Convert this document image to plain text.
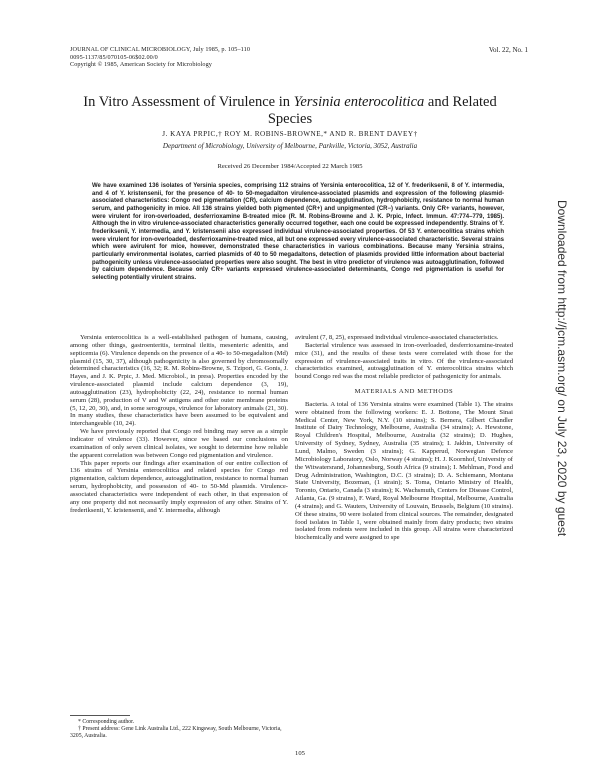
JOURNAL OF CLINICAL MICROBIOLOGY, July 1985, p. 105–110
0095-1137/85/070105-06$02.00/0
Copyright © 1985, American Society for Microbiology
Vol. 22, No. 1
Downloaded from http://jcm.asm.org/ on July 23, 2020 by guest
In Vitro Assessment of Virulence in Yersinia enterocolitica and Related Species
J. KAYA PRPIC,† ROY M. ROBINS-BROWNE,* AND R. BRENT DAVEY†
Department of Microbiology, University of Melbourne, Parkville, Victoria, 3052, Australia
Received 26 December 1984/Accepted 22 March 1985
We have examined 136 isolates of Yersinia species, comprising 112 strains of Yersinia enterocolitica, 12 of Y. frederiksenii, 8 of Y. intermedia, and 4 of Y. kristensenii, for the presence of 40- to 50-megadalton virulence-associated plasmids and expression of the following plasmid-associated characteristics: Congo red pigmentation (CR), calcium dependence, autoagglutination, hydrophobicity, resistance to normal human serum, and pathogenicity in mice. All 136 strains yielded both pigmented (CR+) and unpigmented (CR−) variants. Only CR+ variants, however, were virulent for iron-overloaded, desferrioxamine B-treated mice (R. M. Robins-Browne and J. K. Prpic, Infect. Immun. 47:774–779, 1985). Although the in vitro virulence-associated characteristics generally occurred together, each one could be expressed independently. Strains of Y. frederiksenii, Y. intermedia, and Y. kristensenii also expressed individual virulence-associated properties. Of 53 Y. enterocolitica strains which were virulent for iron-overloaded, desferrioxamine-treated mice, all but one expressed every virulence-associated characteristic. Several strains which were avirulent for mice, however, demonstrated these characteristics in various combinations. Because many Yersinia strains, particularly environmental isolates, carried plasmids of 40 to 50 megadaltons, detection of plasmids provided little information about bacterial pathogenicity unless virulence-associated properties were also sought. The best in vitro predictor of virulence was autoagglutination, followed by calcium dependence. Because only CR+ variants expressed virulence-associated determinants, Congo red pigmentation is useful for selecting potentially virulent strains.

Yersinia enterocolitica is a well-established pathogen of humans, causing, among other things, gastroenteritis, terminal ileitis, mesenteric adenitis, and septicemia (6). Virulence depends on the presence of a 40- to 50-megadalton (Md) plasmid (15, 30, 37), although pathogenicity is also governed by chromosomally determined characteristics (16, 32; R. M. Robins-Browne, S. Tzipori, G. Gonis, J. Hayes, and J. K. Prpic, J. Med. Microbiol., in press). Properties encoded by the virulence-associated plasmid include calcium dependence (3, 19), autoagglutination (23), hydrophobicity (22, 24), resistance to normal human serum (28), production of V and W antigens and other outer membrane proteins (5, 12, 20, 30), and, in some serogroups, virulence for laboratory animals (21, 30). In many studies, these characteristics have been assumed to be equivalent and interchangeable (10, 24).

We have previously reported that Congo red binding may serve as a simple indicator of virulence (33). However, since we based our conclusions on examination of only seven clinical isolates, we sought to determine how reliable the apparent correlation was between Congo red pigmentation and virulence.

This paper reports our findings after examination of our entire collection of 136 strains of Yersinia enterocolitica and related species for Congo red pigmentation, calcium dependence, autoagglutination, resistance to normal human serum, hydrophobicity, and possession of 40- to 50-Md plasmids. Virulence-associated characteristics were independent of each other, in that expression of any one property did not necessarily imply expression of any other. Strains of Y. frederiksenii, Y. kristensenii, and Y. intermedia, although

avirulent (7, 8, 25), expressed individual virulence-associated characteristics.

Bacterial virulence was assessed in iron-overloaded, desferrioxamine-treated mice (31), and the results of these tests were correlated with those for the expression of virulence-associated traits in vitro. Of the virulence-associated characteristics examined, autoagglutination of Y. enterocolitica strains which bound Congo red was the most reliable predictor of pathogenicity for animals.

MATERIALS AND METHODS

Bacteria. A total of 136 Yersinia strains were examined (Table 1). The strains were obtained from the following workers: E. J. Bottone, The Mount Sinai Medical Center, New York, N.Y. (10 strains); S. Bernera, Gilbert Chandler Institute of Dairy Technology, Melbourne, Australia (34 strains); A. Hewstone, Royal Children's Hospital, Melbourne, Australia (32 strains); D. Hughes, University of Sydney, Sydney, Australia (35 strains); I. Jakbin, University of Lund, Malmo, Sweden (3 strains); G. Kapperud, Norwegian Defence Microbiology Laboratory, Oslo, Norway (4 strains); H. J. Koornhof, University of the Witwatersrand, Johannesburg, South Africa (9 strains); I. Mehlman, Food and Drug Administration, Washington, D.C. (3 strains); D. A. Schiemann, Montana State University, Bozeman, (1 strain); S. Toma, Ontario Ministry of Health, Toronto, Ontario, Canada (3 strains); K. Wachsmuth, Centers for Disease Control, Atlanta, Ga. (9 strains), F. Ward, Royal Melbourne Hospital, Melbourne, Australia (4 strains); and G. Wauters, University of Louvain, Brussels, Belgium (10 strains). Of these strains, 90 were isolated from clinical sources. The remainder, designated food isolates in Table 1, were obtained mainly from dairy products; two strains isolated from rodents were included in this group. All strains were characterized biochemically and were assigned to spe

* Corresponding author.
† Present address: Gene Link Australia Ltd., 222 Kingsway, South Melbourne, Victoria, 3205, Australia.
105
